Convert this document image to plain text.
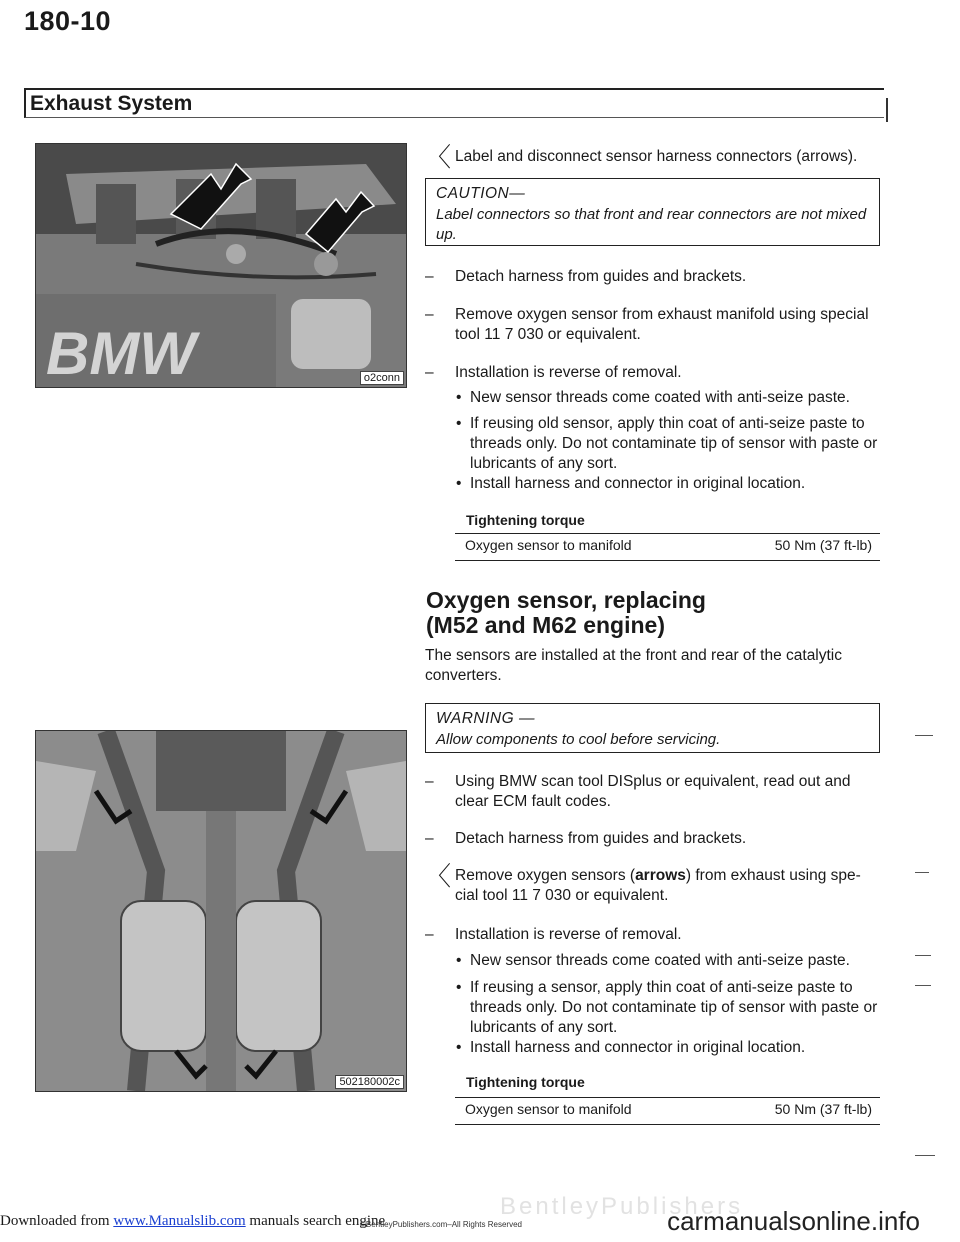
180-10
Exhaust System
BMW	o2conn
〈 Label and disconnect sensor harness connectors (arrows).
CAUTION—
Label connectors so that front and rear connectors are not mixed up.
– Detach harness from guides and brackets.
– Remove oxygen sensor from exhaust manifold using special tool 11 7 030 or equivalent.
– Installation is reverse of removal.
• New sensor threads come coated with anti-seize paste.
• If reusing old sensor, apply thin coat of anti-seize paste to threads only. Do not contaminate tip of sensor with paste or lubricants of any sort.
• Install harness and connector in original location.
Tightening torque
Oxygen sensor to manifold	50 Nm (37 ft-lb)
Oxygen sensor, replacing
(M52 and M62 engine)
The sensors are installed at the front and rear of the catalytic converters.
WARNING —
Allow components to cool before servicing.
502180002c
– Using BMW scan tool DISplus or equivalent, read out and clear ECM fault codes.
– Detach harness from guides and brackets.
〈 Remove oxygen sensors (arrows) from exhaust using spe- cial tool 11 7 030 or equivalent.
– Installation is reverse of removal.
• New sensor threads come coated with anti-seize paste.
• If reusing a sensor, apply thin coat of anti-seize paste to threads only. Do not contaminate tip of sensor with paste or lubricants of any sort.
• Install harness and connector in original location.
Tightening torque
Oxygen sensor to manifold	50 Nm (37 ft-lb)
BentleyPublishers
Downloaded from www.Manualslib.com manuals search engine
©BentleyPublishers.com–All Rights Reserved	carmanualsonline.info
